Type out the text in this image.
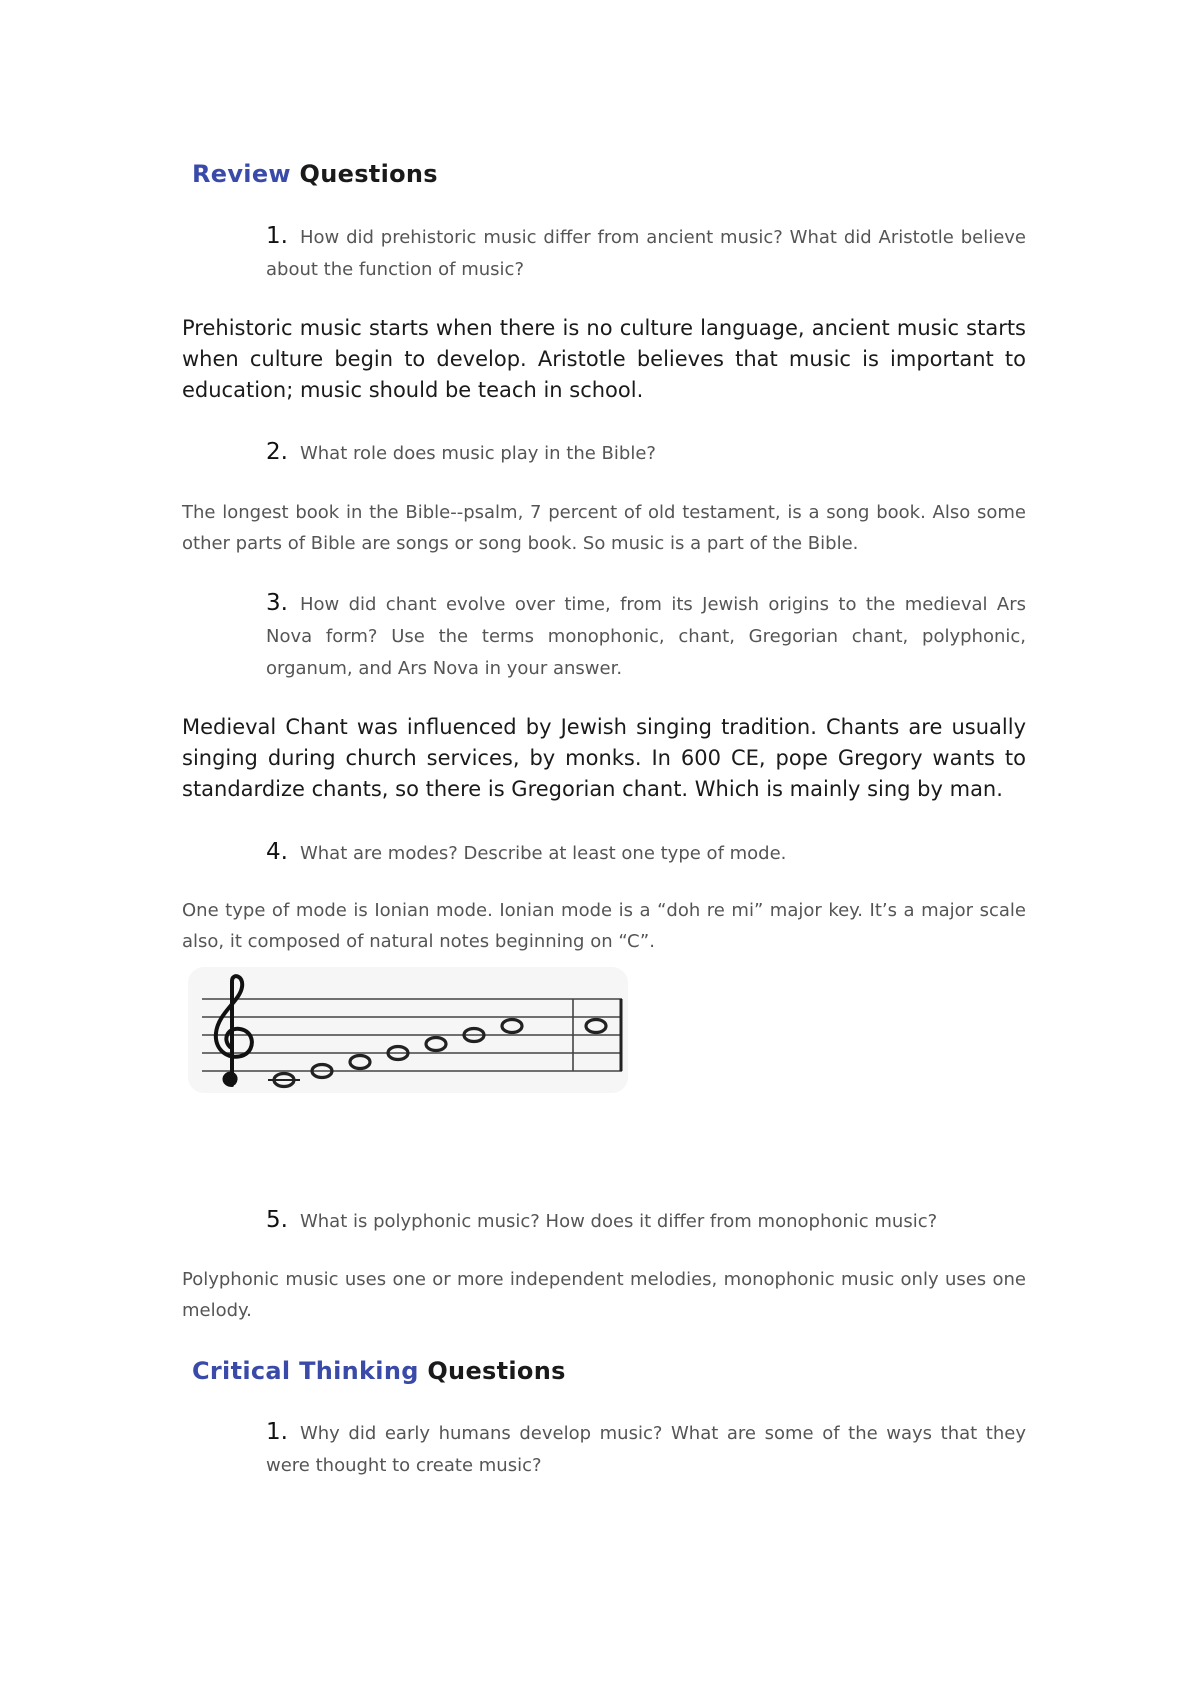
Review Questions
1. How did prehistoric music differ from ancient music? What did Aristotle believe about the function of music?
Prehistoric music starts when there is no culture language, ancient music starts when culture begin to develop. Aristotle believes that music is important to education; music should be teach in school.
2. What role does music play in the Bible?
The longest book in the Bible--psalm, 7 percent of old testament, is a song book. Also some other parts of Bible are songs or song book. So music is a part of the Bible.
3. How did chant evolve over time, from its Jewish origins to the medieval Ars Nova form? Use the terms monophonic, chant, Gregorian chant, polyphonic, organum, and Ars Nova in your answer.
Medieval Chant was influenced by Jewish singing tradition. Chants are usually singing during church services, by monks. In 600 CE, pope Gregory wants to standardize chants, so there is Gregorian chant. Which is mainly sing by man.
4. What are modes? Describe at least one type of mode.
One type of mode is Ionian mode. Ionian mode is a “doh re mi” major key. It’s a major scale also, it composed of natural notes beginning on “C”.
5. What is polyphonic music? How does it differ from monophonic music?
Polyphonic music uses one or more independent melodies, monophonic music only uses one melody.
Critical Thinking Questions
1. Why did early humans develop music? What are some of the ways that they were thought to create music?
